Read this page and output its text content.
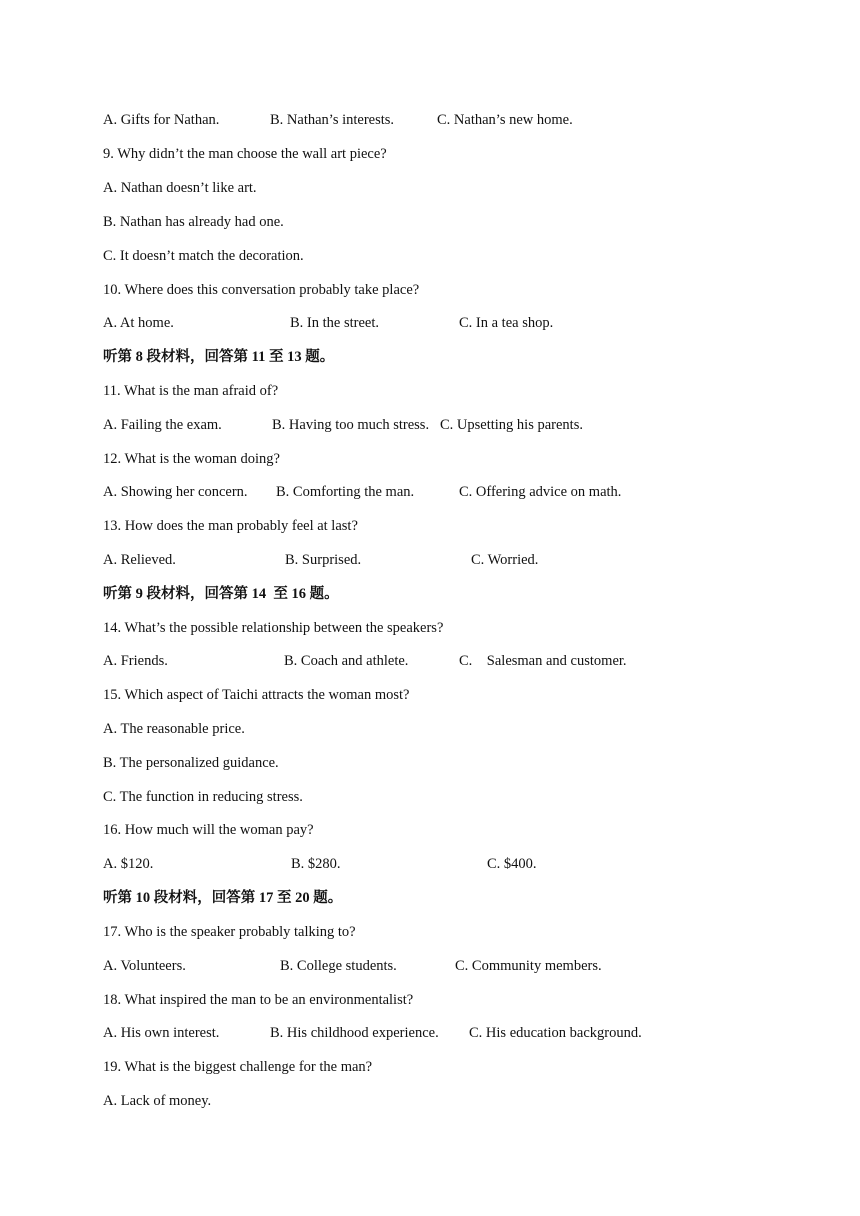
A. Gifts for Nathan.	B. Nathan’s interests.	C. Nathan’s new home.
9. Why didn’t the man choose the wall art piece?
A. Nathan doesn’t like art.
B. Nathan has already had one.
C. It doesn’t match the decoration.
10. Where does this conversation probably take place?
A. At home.	B. In the street.	C. In a tea shop.
听第 8 段材料，回答第 11 至 13 题。
11. What is the man afraid of?
A. Failing the exam.	B. Having too much stress. C. Upsetting his parents.
12. What is the woman doing?
A. Showing her concern. B. Comforting the man.	C. Offering advice on math.
13. How does the man probably feel at last?
A. Relieved.	B. Surprised.	C. Worried.
听第 9 段材料，回答第 14  至 16 题。
14. What’s the possible relationship between the speakers?
A. Friends.	B. Coach and athlete.	C.    Salesman and customer.
15. Which aspect of Taichi attracts the woman most?
A. The reasonable price.
B. The personalized guidance.
C. The function in reducing stress.
16. How much will the woman pay?
A. $120.	B. $280.	C. $400.
听第 10 段材料，回答第 17 至 20 题。
17. Who is the speaker probably talking to?
A. Volunteers.	B. College students.	C. Community members.
18. What inspired the man to be an environmentalist?
A. His own interest.	B. His childhood experience. C. His education background.
19. What is the biggest challenge for the man?
A. Lack of money.
